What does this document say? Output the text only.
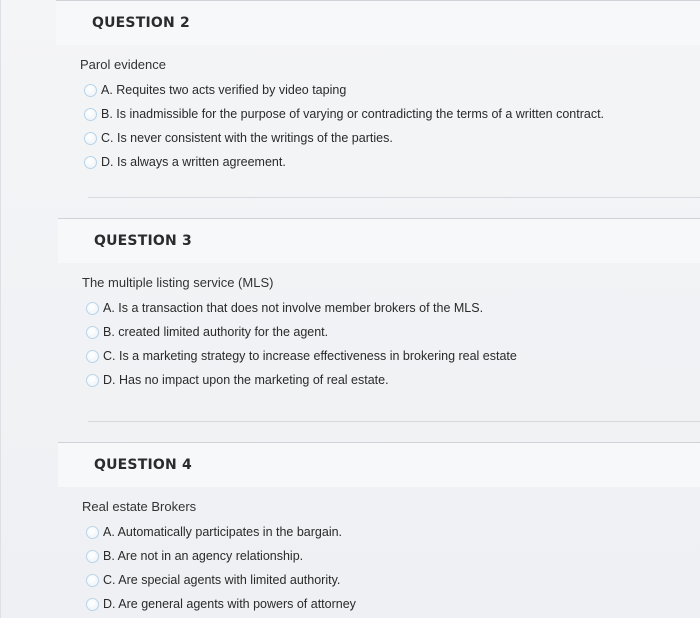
QUESTION 2
Parol evidence
A. Requites two acts verified by video taping
B. Is inadmissible for the purpose of varying or contradicting the terms of a written contract.
C. Is never consistent with the writings of the parties.
D. Is always a written agreement.
QUESTION 3
The multiple listing service (MLS)
A. Is a transaction that does not involve member brokers of the MLS.
B. created limited authority for the agent.
C. Is a marketing strategy to increase effectiveness in brokering real estate
D. Has no impact upon the marketing of real estate.
QUESTION 4
Real estate Brokers
A. Automatically participates in the bargain.
B. Are not in an agency relationship.
C. Are special agents with limited authority.
D. Are general agents with powers of attorney
